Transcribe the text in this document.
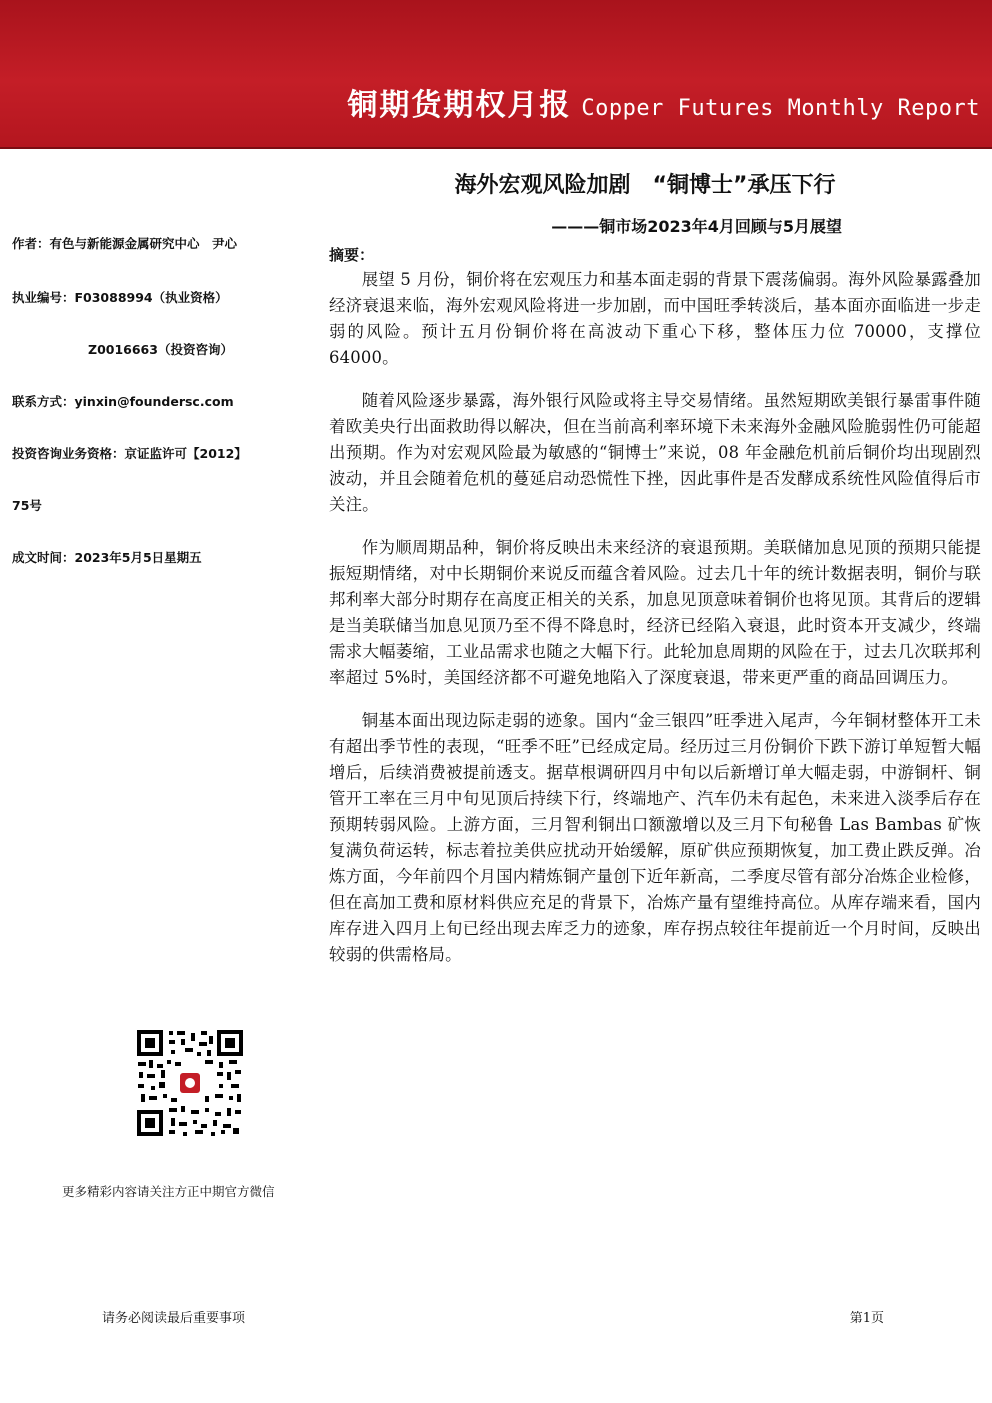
铜期货期权月报 Copper Futures Monthly Report
海外宏观风险加剧　“铜博士”承压下行
———铜市场2023年4月回顾与5月展望
作者：有色与新能源金属研究中心　尹心
执业编号：F03088994（执业资格）
Z0016663（投资咨询）
联系方式：yinxin@foundersc.com
投资咨询业务资格：京证监许可【2012】
75号
成文时间：2023年5月5日星期五
更多精彩内容请关注方正中期官方微信
摘要：

展望 5 月份，铜价将在宏观压力和基本面走弱的背景下震荡偏弱。海外风险暴露叠加经济衰退来临，海外宏观风险将进一步加剧，而中国旺季转淡后，基本面亦面临进一步走弱的风险。预计五月份铜价将在高波动下重心下移，整体压力位 70000，支撑位 64000。

随着风险逐步暴露，海外银行风险或将主导交易情绪。虽然短期欧美银行暴雷事件随着欧美央行出面救助得以解决，但在当前高利率环境下未来海外金融风险脆弱性仍可能超出预期。作为对宏观风险最为敏感的“铜博士”来说，08 年金融危机前后铜价均出现剧烈波动，并且会随着危机的蔓延启动恐慌性下挫，因此事件是否发酵成系统性风险值得后市关注。

作为顺周期品种，铜价将反映出未来经济的衰退预期。美联储加息见顶的预期只能提振短期情绪，对中长期铜价来说反而蕴含着风险。过去几十年的统计数据表明，铜价与联邦利率大部分时期存在高度正相关的关系，加息见顶意味着铜价也将见顶。其背后的逻辑是当美联储当加息见顶乃至不得不降息时，经济已经陷入衰退，此时资本开支减少，终端需求大幅萎缩，工业品需求也随之大幅下行。此轮加息周期的风险在于，过去几次联邦利率超过 5%时，美国经济都不可避免地陷入了深度衰退，带来更严重的商品回调压力。

铜基本面出现边际走弱的迹象。国内“金三银四”旺季进入尾声，今年铜材整体开工未有超出季节性的表现，“旺季不旺”已经成定局。经历过三月份铜价下跌下游订单短暂大幅增后，后续消费被提前透支。据草根调研四月中旬以后新增订单大幅走弱，中游铜杆、铜管开工率在三月中旬见顶后持续下行，终端地产、汽车仍未有起色，未来进入淡季后存在预期转弱风险。上游方面，三月智利铜出口额激增以及三月下旬秘鲁 Las Bambas 矿恢复满负荷运转，标志着拉美供应扰动开始缓解，原矿供应预期恢复，加工费止跌反弹。冶炼方面，今年前四个月国内精炼铜产量创下近年新高，二季度尽管有部分冶炼企业检修，但在高加工费和原材料供应充足的背景下，冶炼产量有望维持高位。从库存端来看，国内库存进入四月上旬已经出现去库乏力的迹象，库存拐点较往年提前近一个月时间，反映出较弱的供需格局。

请务必阅读最后重要事项	第1页
